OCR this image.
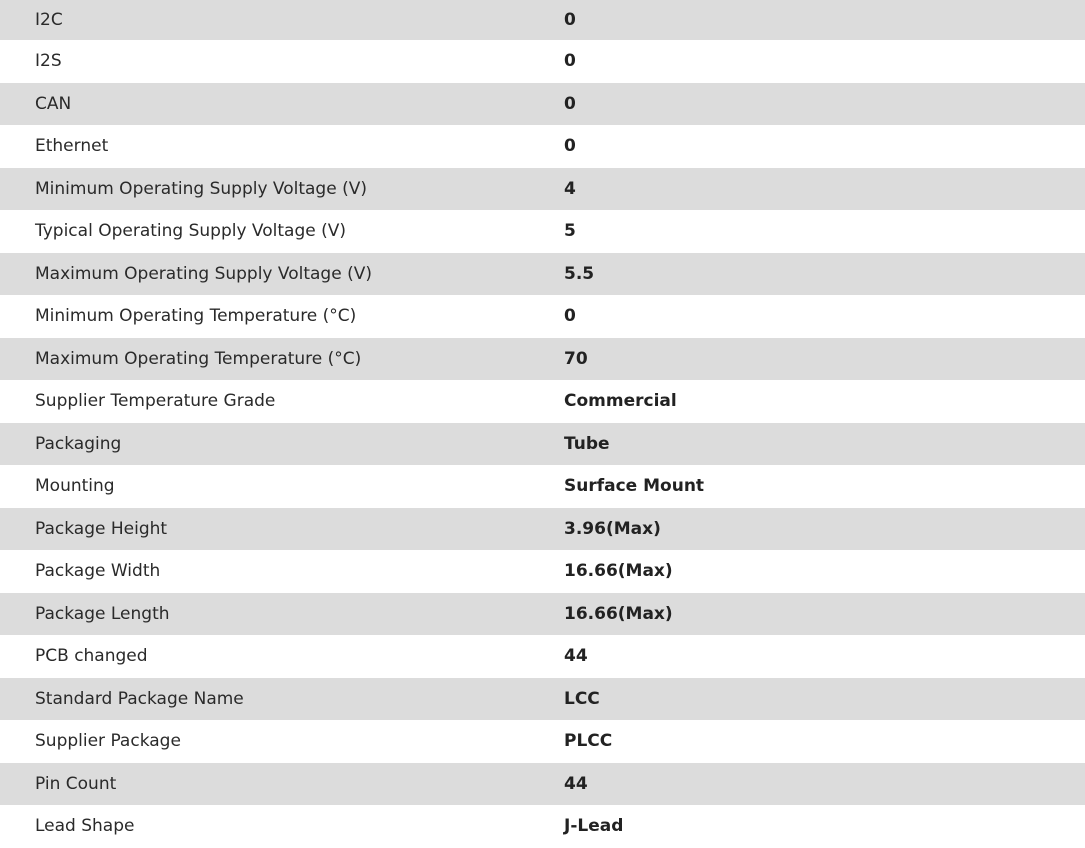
I2C	0
I2S	0
CAN	0
Ethernet	0
Minimum Operating Supply Voltage (V)	4
Typical Operating Supply Voltage (V)	5
Maximum Operating Supply Voltage (V)	5.5
Minimum Operating Temperature (°C)	0
Maximum Operating Temperature (°C)	70
Supplier Temperature Grade	Commercial
Packaging	Tube
Mounting	Surface Mount
Package Height	3.96(Max)
Package Width	16.66(Max)
Package Length	16.66(Max)
PCB changed	44
Standard Package Name	LCC
Supplier Package	PLCC
Pin Count	44
Lead Shape	J-Lead
